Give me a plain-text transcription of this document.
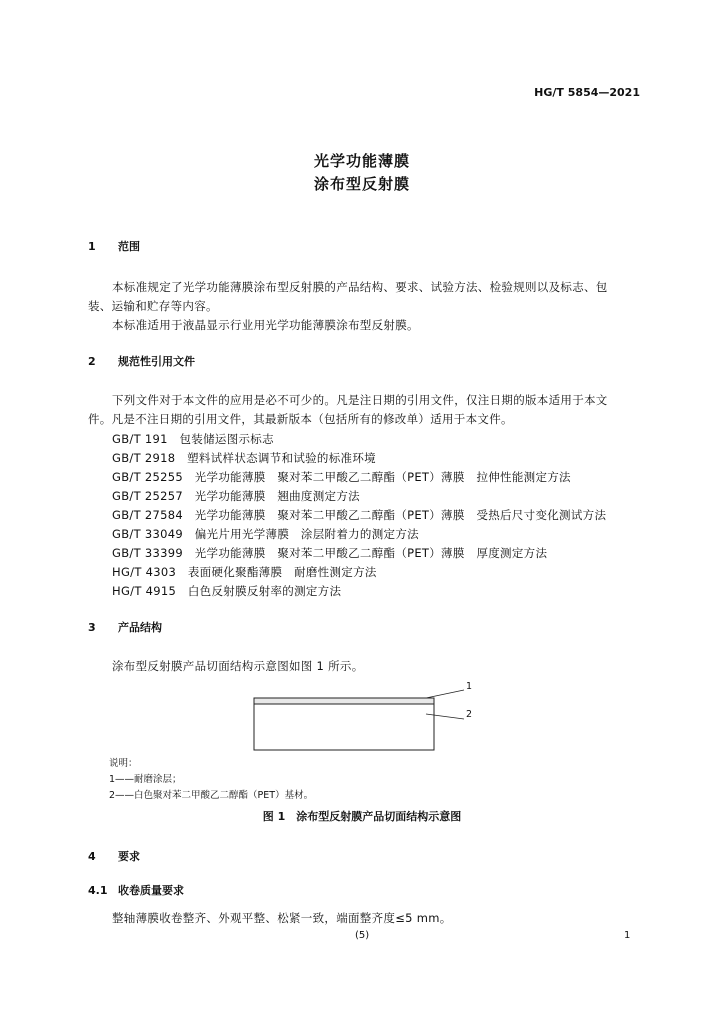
HG/T 5854—2021
光学功能薄膜
涂布型反射膜
1 范围
本标准规定了光学功能薄膜涂布型反射膜的产品结构、要求、试验方法、检验规则以及标志、包
装、运输和贮存等内容。
本标准适用于液晶显示行业用光学功能薄膜涂布型反射膜。
2 规范性引用文件
下列文件对于本文件的应用是必不可少的。凡是注日期的引用文件，仅注日期的版本适用于本文
件。凡是不注日期的引用文件，其最新版本（包括所有的修改单）适用于本文件。
GB/T 191　包装储运图示标志
GB/T 2918　塑料试样状态调节和试验的标准环境
GB/T 25255　光学功能薄膜　聚对苯二甲酸乙二醇酯（PET）薄膜　拉伸性能测定方法
GB/T 25257　光学功能薄膜　翘曲度测定方法
GB/T 27584　光学功能薄膜　聚对苯二甲酸乙二醇酯（PET）薄膜　受热后尺寸变化测试方法
GB/T 33049　偏光片用光学薄膜　涂层附着力的测定方法
GB/T 33399　光学功能薄膜　聚对苯二甲酸乙二醇酯（PET）薄膜　厚度测定方法
HG/T 4303　表面硬化聚酯薄膜　耐磨性测定方法
HG/T 4915　白色反射膜反射率的测定方法
3 产品结构
涂布型反射膜产品切面结构示意图如图 1 所示。
1
2
说明：
1——耐磨涂层；
2——白色聚对苯二甲酸乙二醇酯（PET）基材。
图 1　涂布型反射膜产品切面结构示意图
4 要求
4.1 收卷质量要求
整轴薄膜收卷整齐、外观平整、松紧一致，端面整齐度≤5 mm。
(5)	1
